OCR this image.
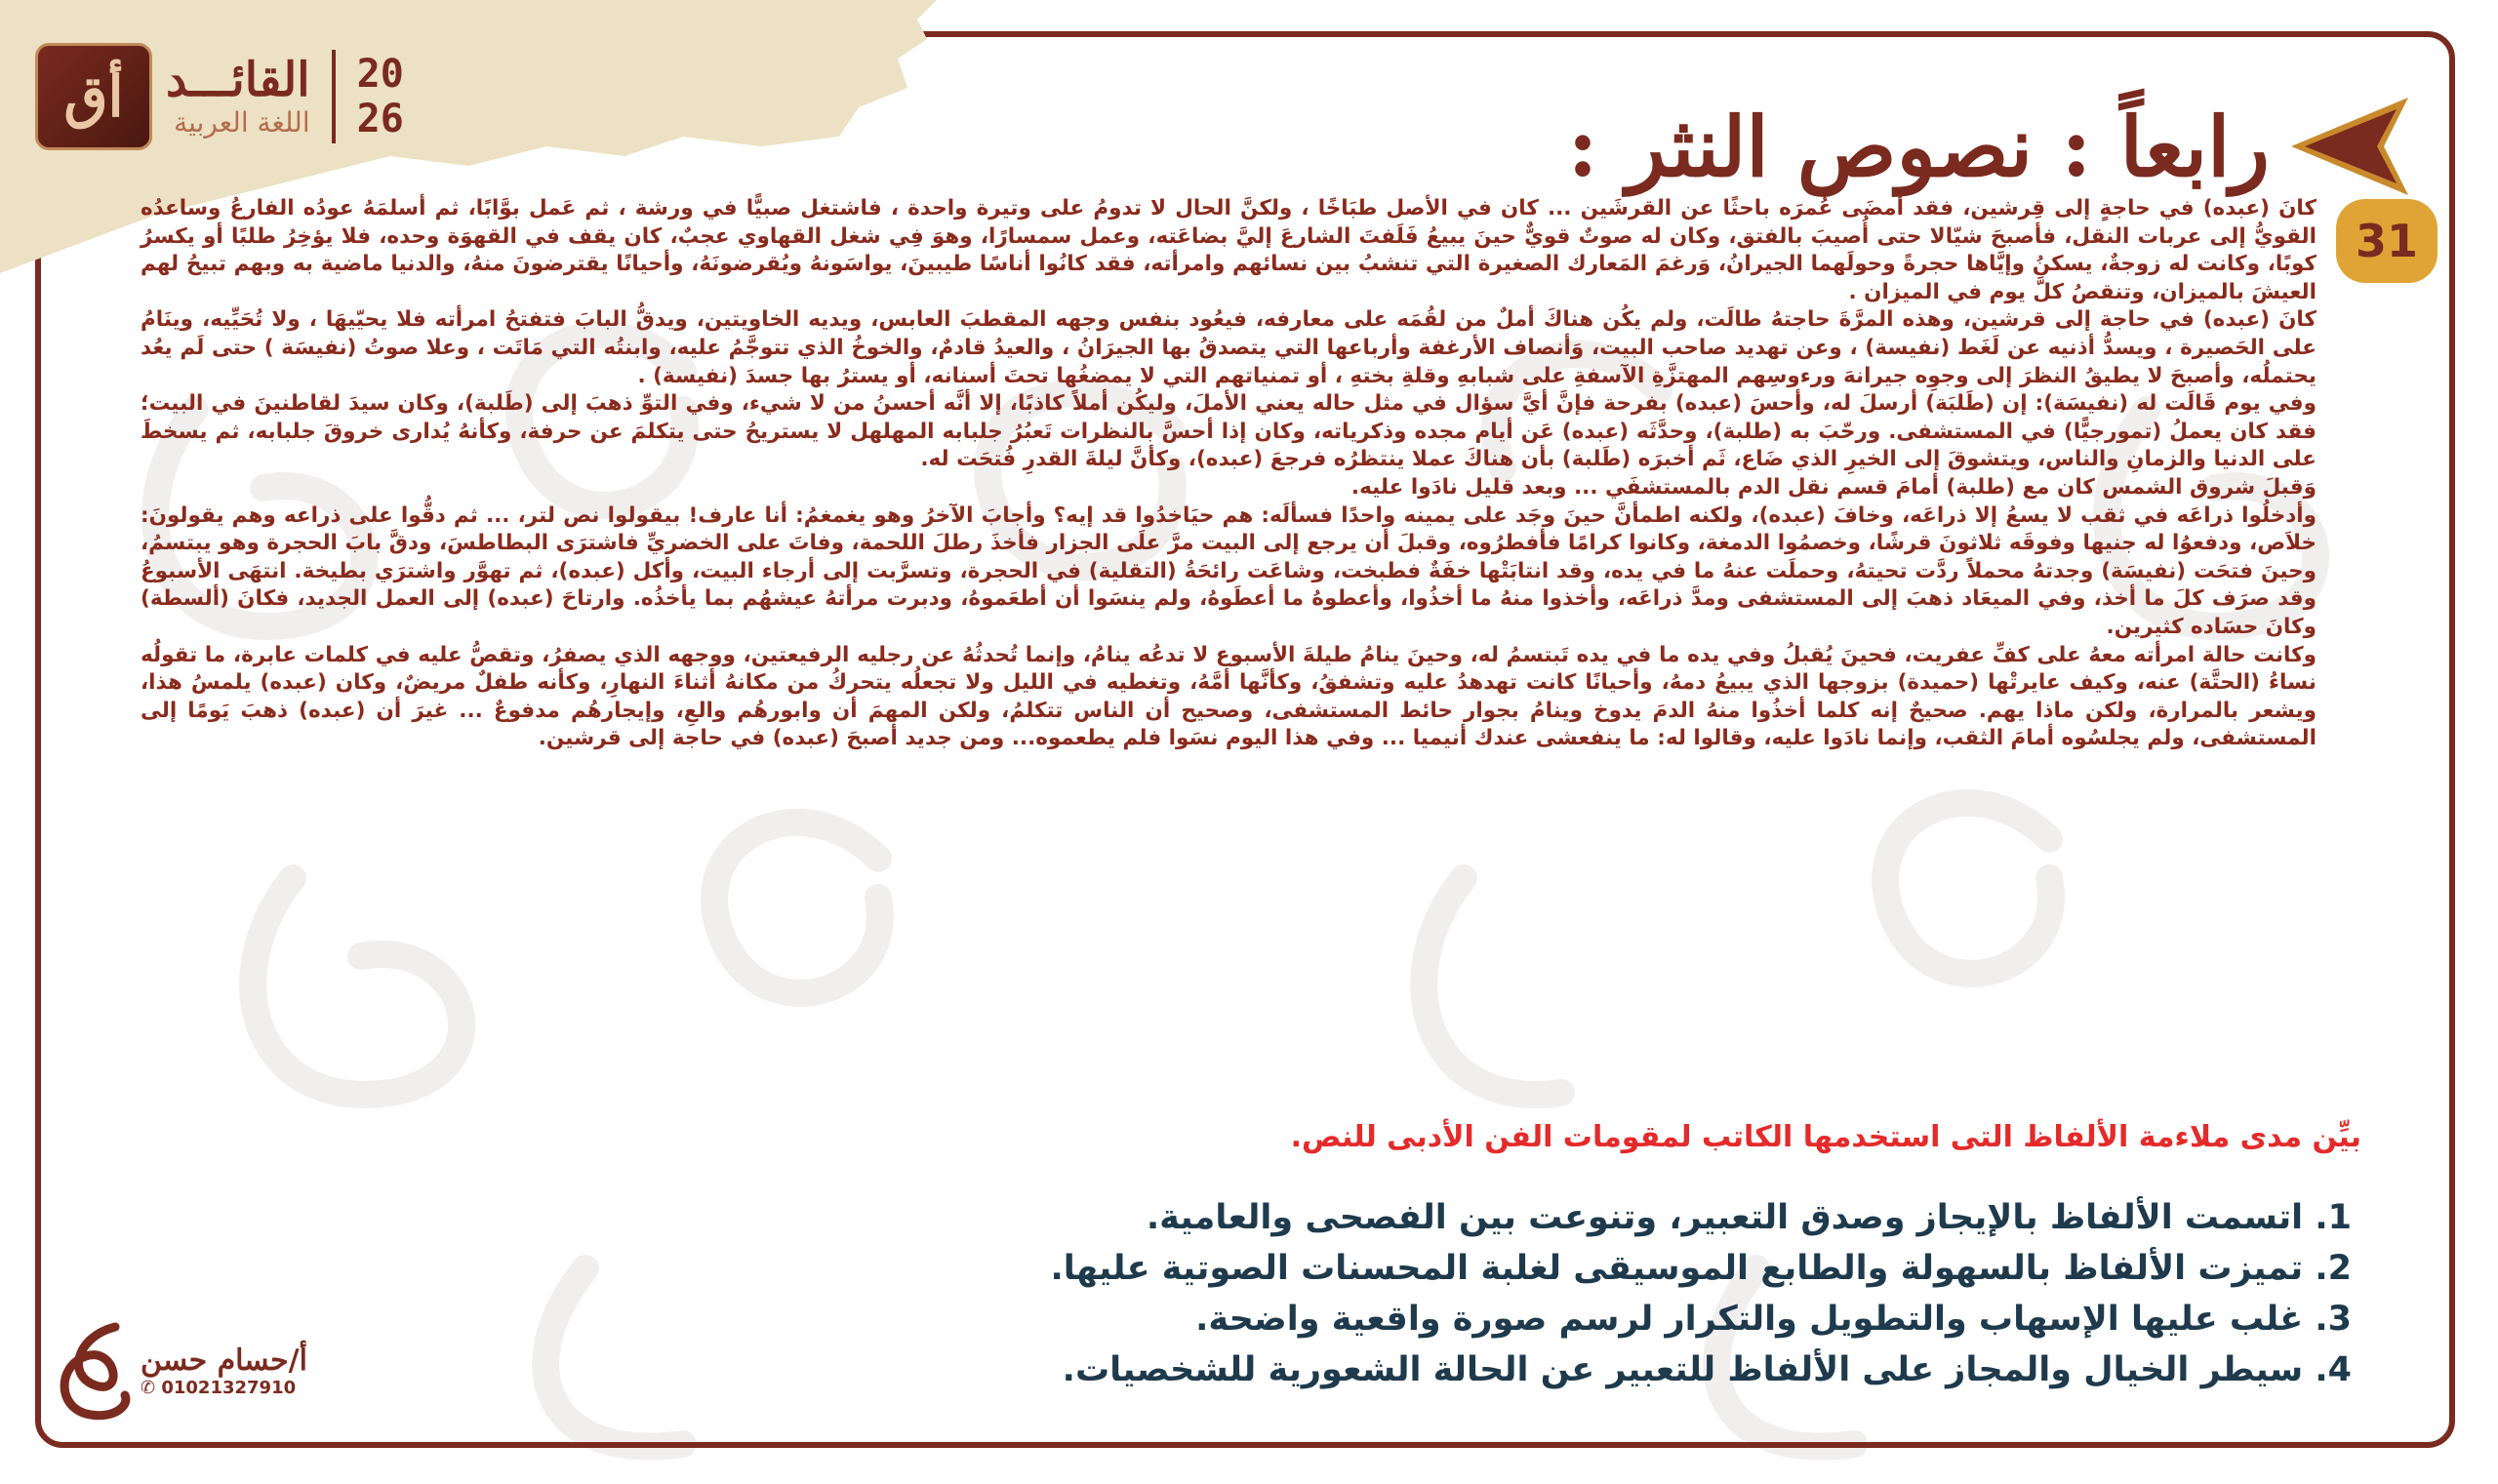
أق القائـــد
اللغة العربية
20
26	رابعاً : نصوص النثر :
31

كانَ (عبده) في حاجةٍ إلى قِرشين، فقد أمضَى عُمرَه باحثًا عن القرشَين ... كان في الأصل طبَاخًا ، ولكنَّ الحال لا تدومُ على وتيرة واحدة ، فاشتغل صبيًّا في ورشة ، ثم عَمل بوَّابًا، ثم أسلمَهُ عودُه الفارعُ وساعدُه القويُّ إلى عربات النقل، فأصبحَ شيّالا حتى أُصيبَ بالفتق، وكان له صوتٌ قويٌّ حينَ يبيعُ فَلَفتَ الشارعَ إليَّ بضاعَته، وعمل سمسارًا، وهوَ فِي شغل القهاوي عجبٌ، كان يقف في القهوَة وحده، فلا يؤخِرُ طلبًا أو يكسرُ كوبًا، وكانت له زوجةٌ، يسكنُ وإيَّاها حجرةً وحولَهما الجيرانُ، وَرغمَ المَعارك الصغيرة التي تنشبُ بين نسائهم وامرأته، فقد كانُوا أناسًا طيبينَ، يواسَونهُ ويُقرضونَهُ، وأحيانًا يقترضونَ منهُ، والدنيا ماضية به وبهم تبيحُ لهم العيشَ بالميزان، وتنقصُ كلَّ يوم في الميزان .

كانَ (عبده) في حاجة إلى قرشين، وهذه المرَّةَ حاجتهُ طالَت، ولم يكُن هناكَ أملٌ من لقُمَه على معارفه، فيعُود بنفس وجهه المقطبَ العابس، ويديه الخاويتين، ويدقُّ البابَ فتفتحُ امرأته فلا يحيّيهَا ، ولا تُحَيِّيه، وينَامُ على الحَصيرة ، ويسدُّ أذنيه عن لَغَط (نفيسة) ، وعن تهديد صاحب البيت، وَأنصاف الأرغفة وأرباعها التي يتصدقُ بها الجيرَانُ ، والعيدُ قادمٌ، والخوخُ الذي تتوجَّمُ عليه، وابنتُه التي مَاتَت ، وعلا صوتُ (نفيسَة ) حتى لَم يعُد يحتملُه، وأصبحَ لا يطيقُ النظرَ إلى وجوِه جيرانهَ ورءوسِهم المهتزَّةِ الآسفةِ على شبابهِ وقلةِ بختهِ ، أو تمنياتهم التي لا يمضغُها تحتَ أسنانه، أو يسترُ بها جسدَ (نفيسة) .

وفي يوم قَالَت له (نفيسَة): إن (طَلبَة) أرسلَ له، وأحسَ (عبده) بفرحة فإنَّ أيَّ سؤال في مثل حاله يعني الأملَ، وليكُن أملاً كاذبًا، إلا أنَّه أحسنُ من لا شيء، وفي التوِّ ذهبَ إلى (طَلبة)، وكان سيدَ لقاطنينَ في البيت؛ فقد كان يعملُ (تمورجيًّا) في المستشفى. ورحّبَ به (طلبة)، وحدَّثَه (عبده) عَن أيام مجده وذكرياته، وكان إذا أحسَّ بالنظرات تَعبُرُ جلبابه المهلهل لا يستريحُ حتى يتكلمَ عن حرفة، وكأنهُ يُدارى خروقَ جلبابه، ثم يسخطَ على الدنيا والزمانِ والناس، ويتشوقَ إلى الخيرِ الذي ضَاع، ثَم أخبرَه (طَلبة) بأن هناكَ عملا ينتظرُه فرجعَ (عبده)، وكأنَّ ليلةَ القدرِ فُتحَت له.

وَقبلَ شروق الشمس كان مع (طلبة) أمامَ قسم نقل الدم بالمستشفَي ... وبعد قليل نادَوا عليه.

وأدخلُوا ذراعَه في ثقب لا يسعُ إلا ذراعَه، وخافَ (عبده)، ولكنه اطمأنَّ حينَ وجَد على يمينه واحدًا فسألَه: هم حيَاخدُوا قد إيه؟ وأجابَ الآخرُ وهو يغمغمُ: أنا عارف! بيقولوا نص لتر، ... ثم دقُّوا على ذراعه وهم يقولونَ: خلاَص، ودفعوُا له جنيها وفوقَه ثلاثونَ قرشًا، وخصمُوا الدمغة، وكانوا كرامًا فأفطرُوه، وقبلَ أن يرجع إلى البيت مرَّ علَى الجزار فأخذَ رطلَ اللحمة، وفاتَ على الخضريِّ فاشترَى البطاطسَ، ودقَّ بابَ الحجرة وهو يبتسمُ، وحينَ فتحَت (نفيسَة) وجدتهُ محملاً ردَّت تحيتهُ، وحملَت عنهُ ما في يده، وقد انتابَتْها خفَةٌ فطبخت، وشاعَت رائحَةُ (التقلية) في الحجرة، وتسرَّبت إلى أرجاء البيت، وأكل (عبده)، ثم تهوَّر واشترَي بطيخة. انتهَى الأسبوعُ وقد صرَف كلَ ما أخذ، وفي الميعَاد ذهبَ إلى المستشفى ومدَّ ذراعَه، وأخذوا منهُ ما أخذُوا، وأعطوهُ ما أعطَوهُ، ولم ينسَوا أن أطعَموهُ، ودبرت مرأتهُ عيشهُم بما يأخذُه. وارتاحَ (عبده) إلى العمل الجديد، فكانَ (ألسطة) وكانَ حسَاده كثيرين.

وكانت حالة امرأته معهُ على كفِّ عفريت، فحينَ يُقبلُ وفي يده ما في يده تَبتسمُ له، وحينَ ينامُ طيلةَ الأسبوع لا تدعُه ينامُ، وإنما تُحدثُهُ عن رجليه الرفيعتين، ووجهه الذي يصفرُ، وتقصُّ عليه في كلمات عابرة، ما تقولُه نساءُ (الحتَّة) عنه، وكيف عايرتْها (حميدة) بزوجها الذي يبيعُ دمهُ، وأحيانًا كانت تهدهدُ عليه وتشفقُ، وكأنَّها أمَّهُ، وتغطيه في الليل ولا تجعلُه يتحركُ من مكانهُ أثناءَ النهارِ، وكأنه طفلٌ مريضٌ، وكان (عبده) يلمسُ هذا، ويشعر بالمرارة، ولكن ماذا يهم. صحيحٌ إنه كلما أخذُوا منهُ الدمَ يدوخ وينامُ بجوار حائط المستشفى، وصحيح أن الناس تتكلمُ، ولكن المهمَ أن وابورهُم والعِ، وإيجارهُم مدفوعٌ ... غيرَ أن (عبده) ذهبَ يَومًا إلى المستشفى، ولم يجلسُوه أمامَ الثقب، وإنما نادَوا عليه، وقالوا له: ما ينفعشى عندك أنيميا ... وفي هذا اليوم نسَوا فلم يطعموه... ومن جديد أصبحَ (عبده) في حاجة إلى قرشين.

بيِّن مدى ملاءمة الألفاظ التى استخدمها الكاتب لمقومات الفن الأدبى للنص.
1. اتسمت الألفاظ بالإيجاز وصدق التعبير، وتنوعت بين الفصحى والعامية.
2. تميزت الألفاظ بالسهولة والطابع الموسيقى لغلبة المحسنات الصوتية عليها.
3. غلب عليها الإسهاب والتطويل والتكرار لرسم صورة واقعية واضحة.
4. سيطر الخيال والمجاز على الألفاظ للتعبير عن الحالة الشعورية للشخصيات.
أ/حسام حسن
✆ 01021327910
